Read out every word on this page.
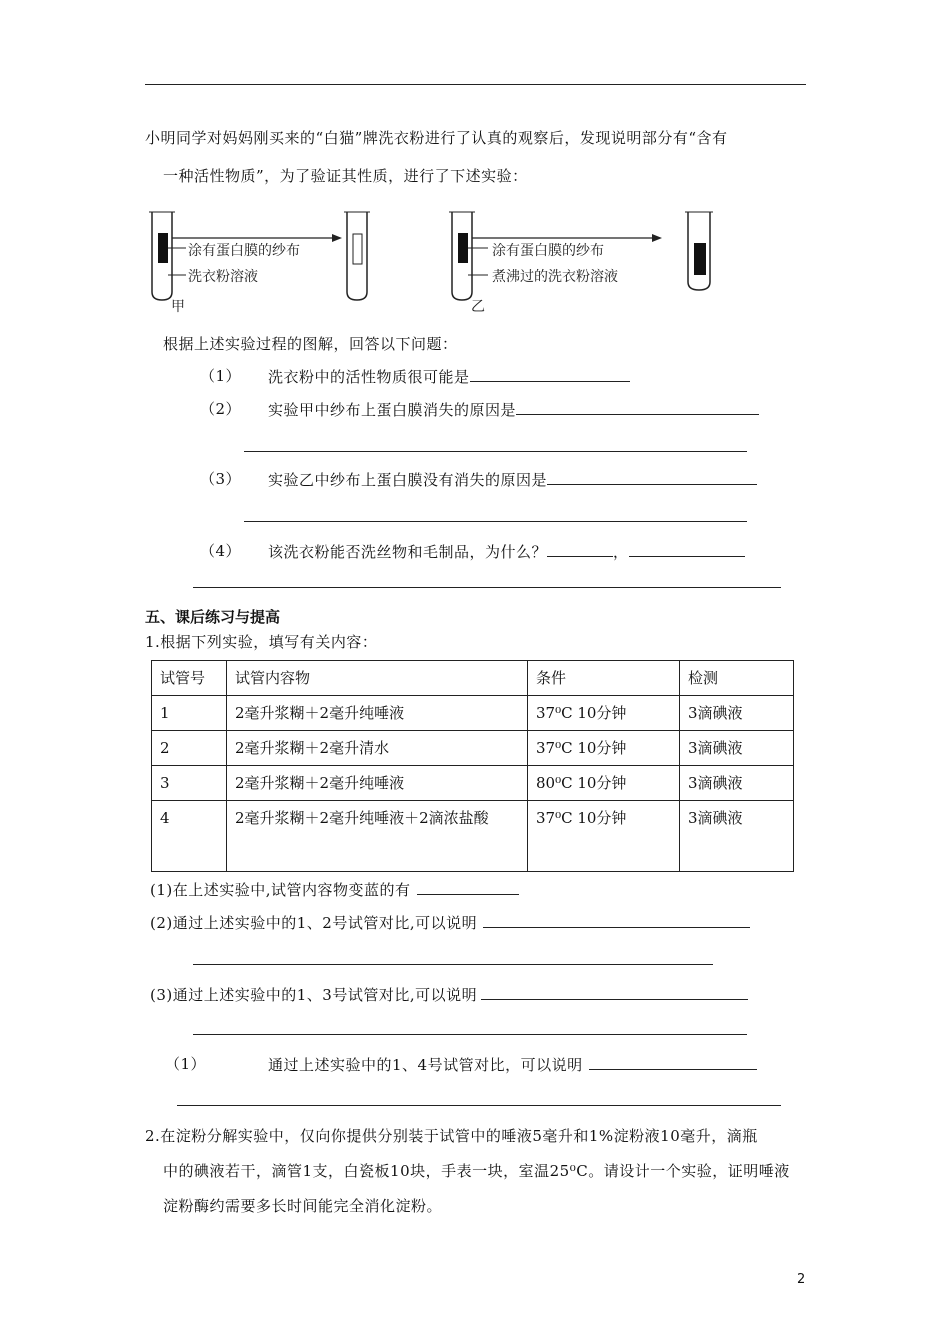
小明同学对妈妈刚买来的“白猫”牌洗衣粉进行了认真的观察后，发现说明部分有“含有
一种活性物质”，为了验证其性质，进行了下述实验：
涂有蛋白膜的纱布
洗衣粉溶液
甲
涂有蛋白膜的纱布
煮沸过的洗衣粉溶液
乙
根据上述实验过程的图解，回答以下问题：
（1） 洗衣粉中的活性物质很可能是
（2） 实验甲中纱布上蛋白膜消失的原因是
（3） 实验乙中纱布上蛋白膜没有消失的原因是
（4） 该洗衣粉能否洗丝物和毛制品，为什么？	，
五、课后练习与提高
1.根据下列实验，填写有关内容：
试管号	试管内容物	条件	检测
1	2毫升浆糊＋2毫升纯唾液	37⁰C 10分钟	3滴碘液
2	2毫升浆糊＋2毫升清水	37⁰C 10分钟	3滴碘液
3	2毫升浆糊＋2毫升纯唾液	80⁰C 10分钟	3滴碘液
4	2毫升浆糊＋2毫升纯唾液＋2滴浓盐酸	37⁰C 10分钟	3滴碘液
(1)在上述实验中,试管内容物变蓝的有
(2)通过上述实验中的1、2号试管对比,可以说明
(3)通过上述实验中的1、3号试管对比,可以说明
（1）	通过上述实验中的1、4号试管对比，可以说明
2.在淀粉分解实验中，仅向你提供分别装于试管中的唾液5毫升和1%淀粉液10毫升，滴瓶
中的碘液若干，滴管1支，白瓷板10块，手表一块，室温25⁰C。请设计一个实验，证明唾液
淀粉酶约需要多长时间能完全消化淀粉。
2
